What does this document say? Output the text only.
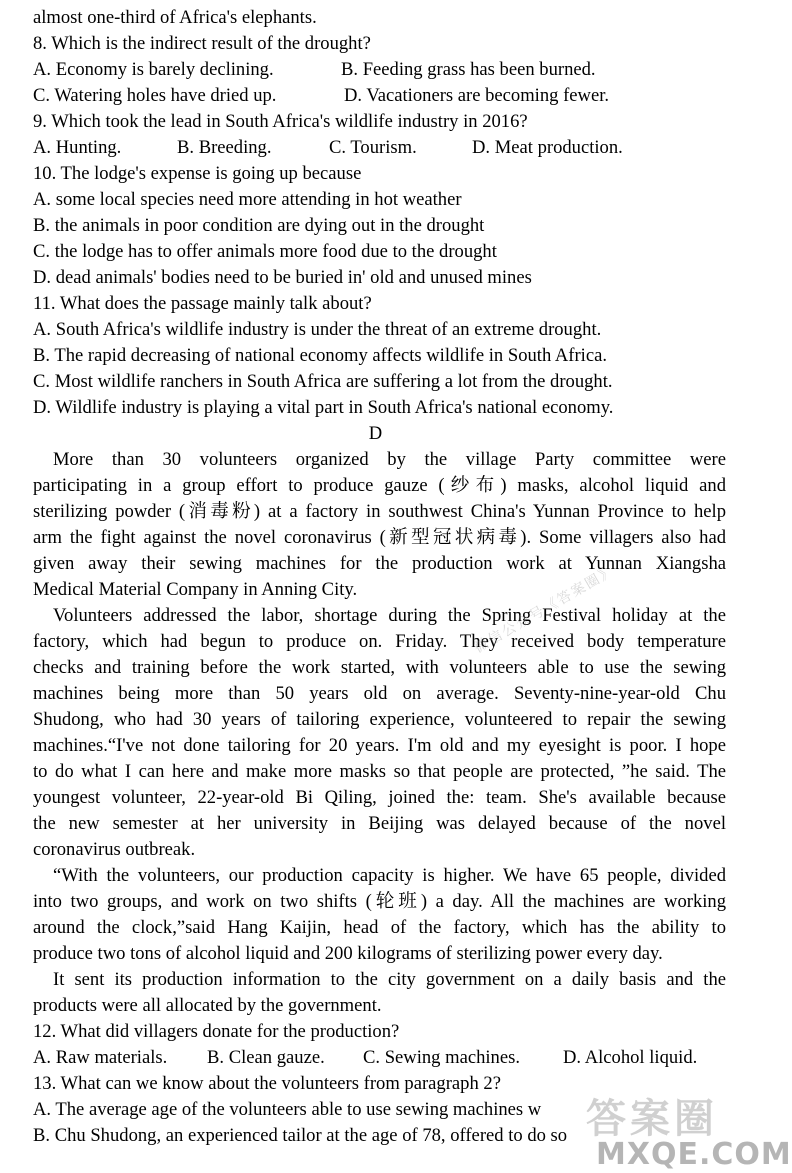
almost one-third of Africa's elephants.
8. Which is the indirect result of the drought?
A. Economy is barely declining.	B. Feeding grass has been burned.
C. Watering holes have dried up.	D. Vacationers are becoming fewer.
9. Which took the lead in South Africa's wildlife industry in 2016?
A. Hunting.	B. Breeding.	C. Tourism.	D. Meat production.
10. The lodge's expense is going up because
A. some local species need more attending in hot weather
B. the animals in poor condition are dying out in the drought
C. the lodge has to offer animals more food due to the drought
D. dead animals' bodies need to be buried in' old and unused mines
11. What does the passage mainly talk about?
A. South Africa's wildlife industry is under the threat of an extreme drought.
B. The rapid decreasing of national economy affects wildlife in South Africa.
C. Most wildlife ranchers in South Africa are suffering a lot from the drought.
D. Wildlife industry is playing a vital part in South Africa's national economy.
D
More than 30 volunteers organized by the village Party committee were
participating in a group effort to produce gauze (纱布) masks, alcohol liquid and
sterilizing powder (消毒粉) at a factory in southwest China's Yunnan Province to help
arm the fight against the novel coronavirus (新型冠状病毒). Some villagers also had
given away their sewing machines for the production work at Yunnan Xiangsha
Medical Material Company in Anning City.
Volunteers addressed the labor, shortage during the Spring Festival holiday at the
factory, which had begun to produce on. Friday. They received body temperature
checks and training before the work started, with volunteers able to use the sewing
machines being more than 50 years old on average. Seventy-nine-year-old Chu
Shudong, who had 30 years of tailoring experience, volunteered to repair the sewing
machines.“I've not done tailoring for 20 years. I'm old and my eyesight is poor. I hope
to do what I can here and make more masks so that people are protected, ”he said. The
youngest volunteer, 22-year-old Bi Qiling, joined the: team. She's available because
the new semester at her university in Beijing was delayed because of the novel
coronavirus outbreak.
“With the volunteers, our production capacity is higher. We have 65 people, divided
into two groups, and work on two shifts (轮班) a day. All the machines are working
around the clock,”said Hang Kaijin, head of the factory, which has the ability to
produce two tons of alcohol liquid and 200 kilograms of sterilizing power every day.
It sent its production information to the city government on a daily basis and the
products were all allocated by the government.
12. What did villagers donate for the production?
A. Raw materials. B. Clean gauze. C. Sewing machines. D. Alcohol liquid.
13. What can we know about the volunteers from paragraph 2?
A. The average age of the volunteers able to use sewing machines w
B. Chu Shudong, an experienced tailor at the age of 78, offered to do so
微信公众号《答案圈》
答案圈
MXQE.COM
